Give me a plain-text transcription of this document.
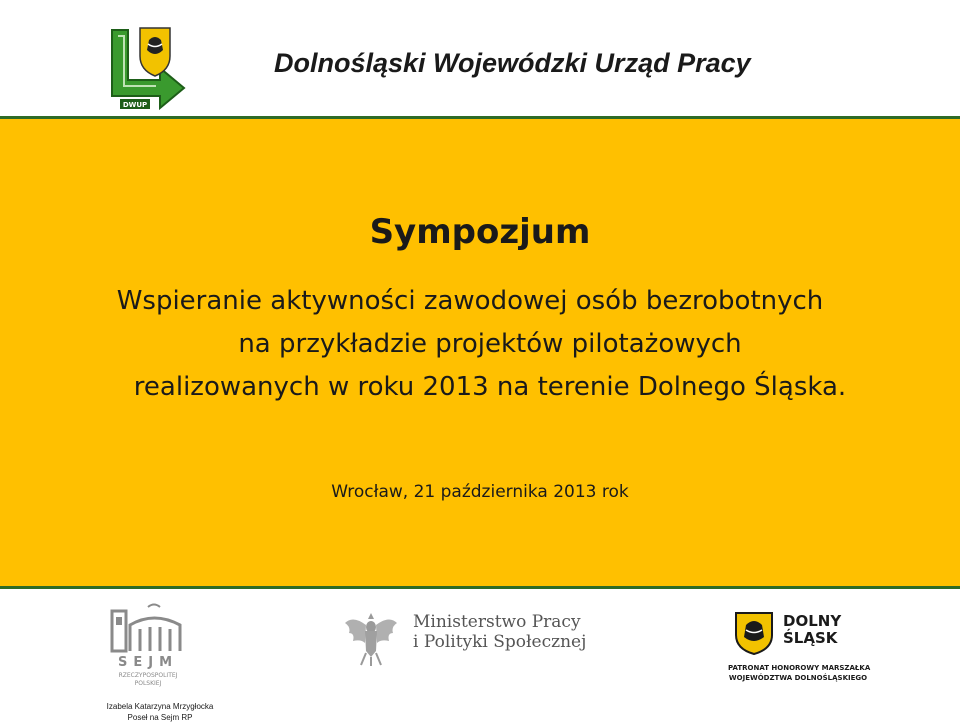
DWUP
Dolnośląski Wojewódzki Urząd Pracy
Sympozjum
Wspieranie aktywności zawodowej osób bezrobotnych
na przykładzie projektów pilotażowych
realizowanych w roku 2013 na terenie Dolnego Śląska.
Wrocław, 21 października 2013 rok
SEJM
RZECZYPOSPOLITEJ
POLSKIEJ
Izabela Katarzyna Mrzygłocka
Poseł na Sejm RP
Ministerstwo Pracy
i Polityki Społecznej
DOLNY
ŚLĄSK
PATRONAT HONOROWY MARSZAŁKA
WOJEWÓDZTWA DOLNOŚLĄSKIEGO
